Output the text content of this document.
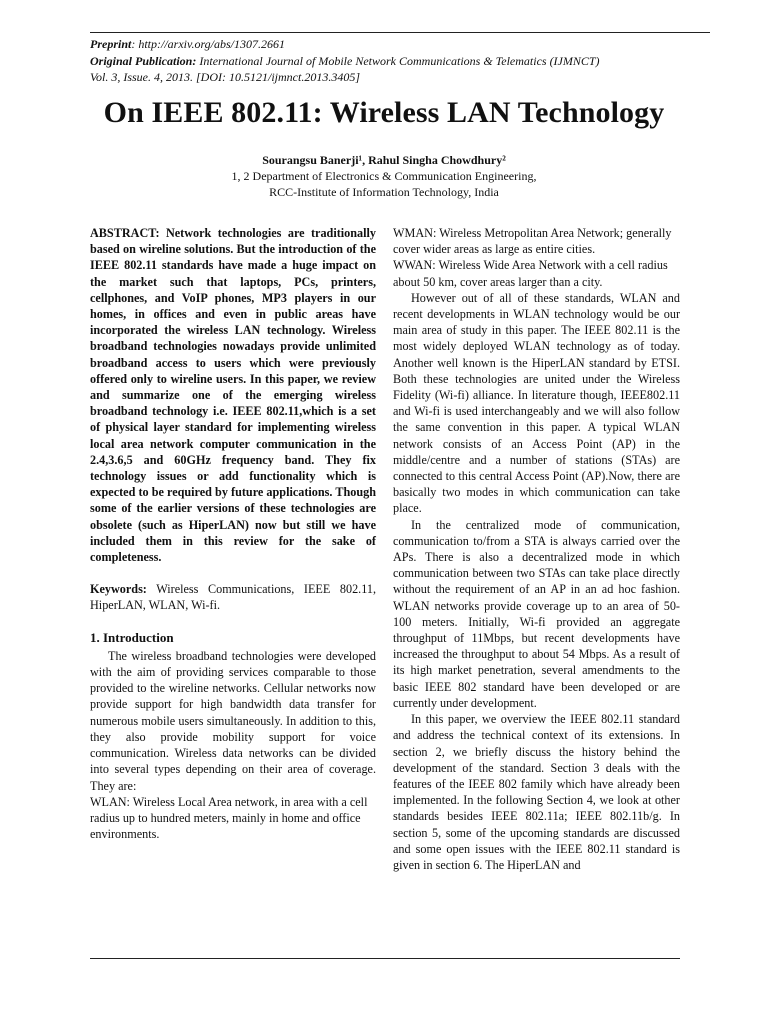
Preprint: http://arxiv.org/abs/1307.2661
Original Publication: International Journal of Mobile Network Communications & Telematics (IJMNCT)
Vol. 3, Issue. 4, 2013. [DOI: 10.5121/ijmnct.2013.3405]
On IEEE 802.11: Wireless LAN Technology
Sourangsu Banerji¹, Rahul Singha Chowdhury²
1, 2 Department of Electronics & Communication Engineering,
RCC-Institute of Information Technology, India

ABSTRACT: Network technologies are traditionally based on wireline solutions. But the introduction of the IEEE 802.11 standards have made a huge impact on the market such that laptops, PCs, printers, cellphones, and VoIP phones, MP3 players in our homes, in offices and even in public areas have incorporated the wireless LAN technology. Wireless broadband technologies nowadays provide unlimited broadband access to users which were previously offered only to wireline users. In this paper, we review and summarize one of the emerging wireless broadband technology i.e. IEEE 802.11,which is a set of physical layer standard for implementing wireless local area network computer communication in the 2.4,3.6,5 and 60GHz frequency band. They fix technology issues or add functionality which is expected to be required by future applications. Though some of the earlier versions of these technologies are obsolete (such as HiperLAN) now but still we have included them in this review for the sake of completeness.

Keywords: Wireless Communications, IEEE 802.11, HiperLAN, WLAN, Wi-fi.

1. Introduction

The wireless broadband technologies were developed with the aim of providing services comparable to those provided to the wireline networks. Cellular networks now provide support for high bandwidth data transfer for numerous mobile users simultaneously. In addition to this, they also provide mobility support for voice communication. Wireless data networks can be divided into several types depending on their area of coverage. They are:

WLAN: Wireless Local Area network, in area with a cell radius up to hundred meters, mainly in home and office environments.

WMAN: Wireless Metropolitan Area Network; generally cover wider areas as large as entire cities.

WWAN: Wireless Wide Area Network with a cell radius about 50 km, cover areas larger than a city.

However out of all of these standards, WLAN and recent developments in WLAN technology would be our main area of study in this paper. The IEEE 802.11 is the most widely deployed WLAN technology as of today. Another well known is the HiperLAN standard by ETSI. Both these technologies are united under the Wireless Fidelity (Wi-fi) alliance. In literature though, IEEE802.11 and Wi-fi is used interchangeably and we will also follow the same convention in this paper. A typical WLAN network consists of an Access Point (AP) in the middle/centre and a number of stations (STAs) are connected to this central Access Point (AP).Now, there are basically two modes in which communication can take place.

In the centralized mode of communication, communication to/from a STA is always carried over the APs. There is also a decentralized mode in which communication between two STAs can take place directly without the requirement of an AP in an ad hoc fashion. WLAN networks provide coverage up to an area of 50-100 meters. Initially, Wi-fi provided an aggregate throughput of 11Mbps, but recent developments have increased the throughput to about 54 Mbps. As a result of its high market penetration, several amendments to the basic IEEE 802 standard have been developed or are currently under development.

In this paper, we overview the IEEE 802.11 standard and address the technical context of its extensions. In section 2, we briefly discuss the history behind the development of the standard. Section 3 deals with the features of the IEEE 802 family which have already been implemented. In the following Section 4, we look at other standards besides IEEE 802.11a; IEEE 802.11b/g. In section 5, some of the upcoming standards are discussed and some open issues with the IEEE 802.11 standard is given in section 6. The HiperLAN and
